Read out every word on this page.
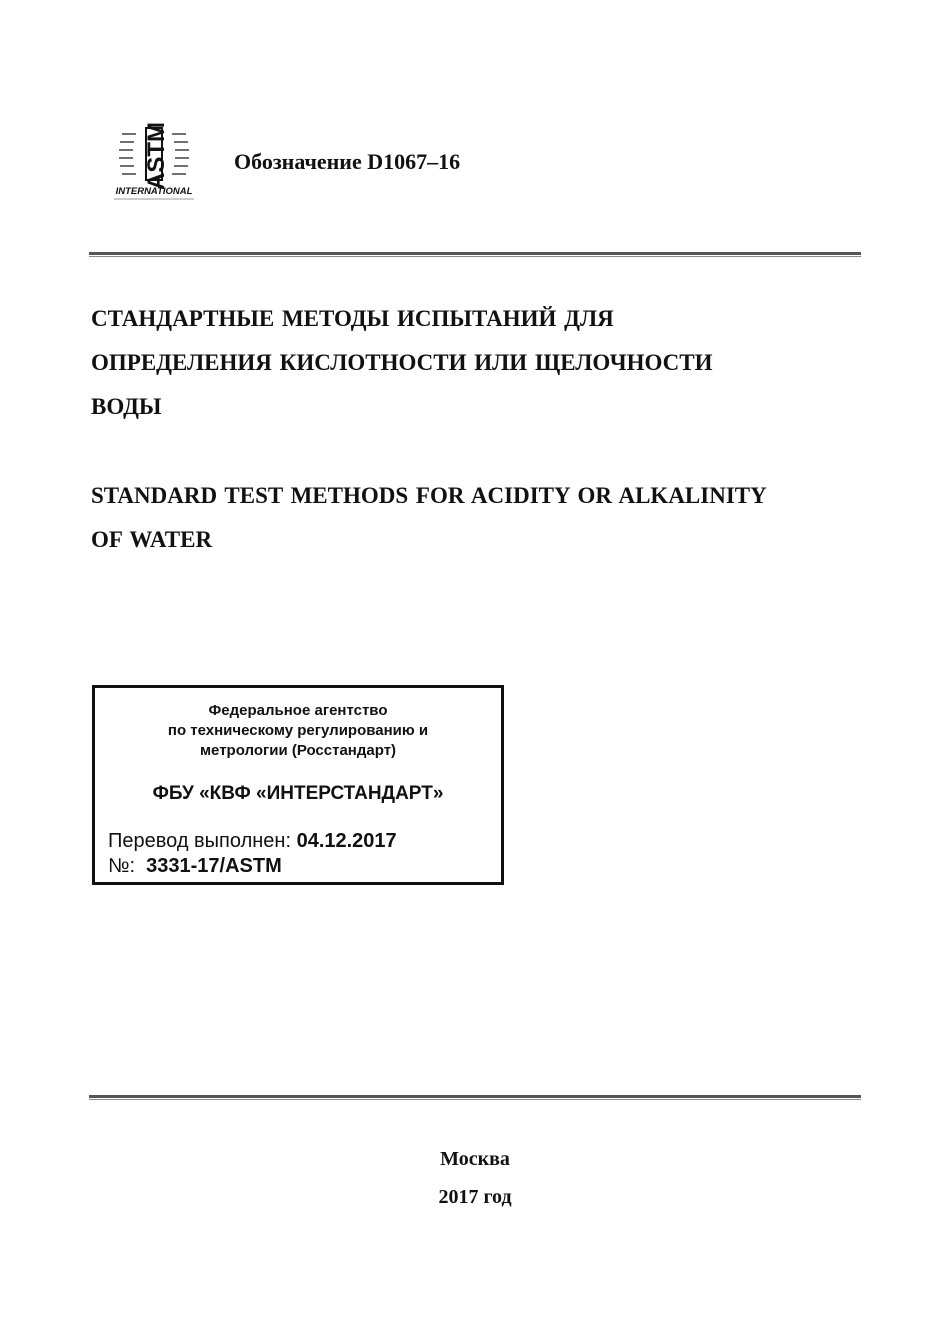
ASTM
INTERNATIONAL

Обозначение D1067–16

СТАНДАРТНЫЕ МЕТОДЫ ИСПЫТАНИЙ ДЛЯ
ОПРЕДЕЛЕНИЯ КИСЛОТНОСТИ ИЛИ ЩЕЛОЧНОСТИ
ВОДЫ

STANDARD TEST METHODS FOR ACIDITY OR ALKALINITY
OF WATER

Федеральное агентство
по техническому регулированию и
метрологии (Росстандарт)

ФБУ «КВФ «ИНТЕРСТАНДАРТ»

Перевод выполнен: 04.12.2017

№: 3331-17/ASTM

Москва

2017 год
